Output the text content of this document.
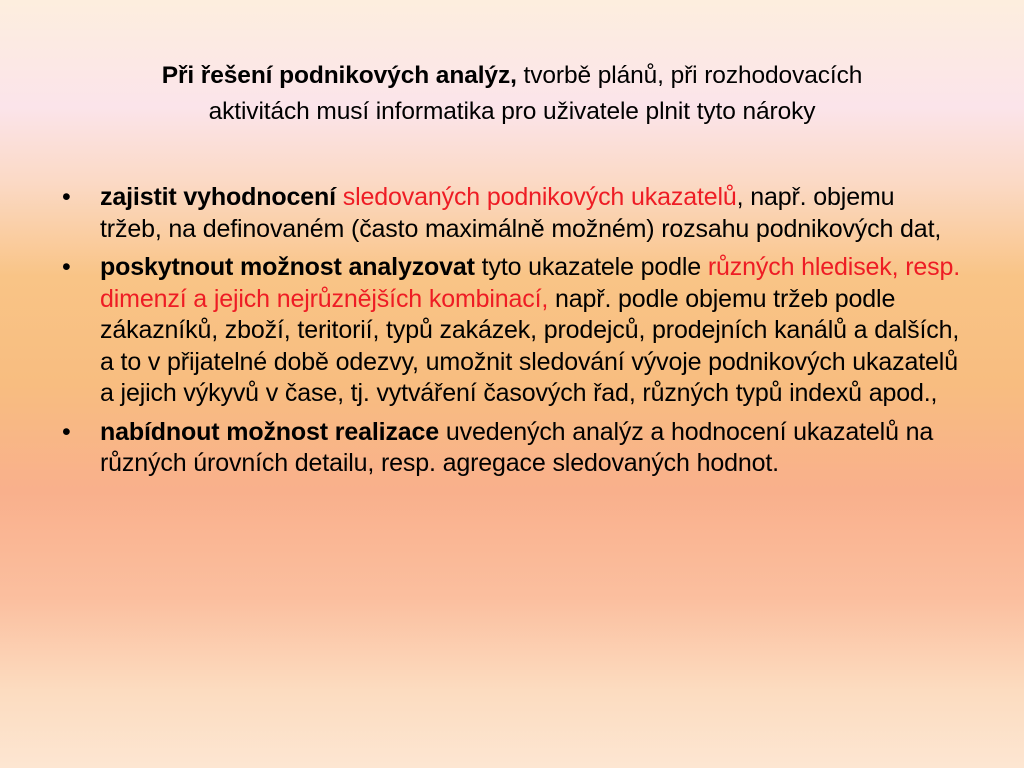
Při řešení podnikových analýz, tvorbě plánů, při rozhodovacích
aktivitách musí informatika pro uživatele plnit tyto nároky
•	zajistit vyhodnocení sledovaných podnikových ukazatelů, např. objemu tržeb, na definovaném (často maximálně možném) rozsahu podnikových dat,
•	poskytnout možnost analyzovat tyto ukazatele podle různých hledisek, resp. dimenzí a jejich nejrůznějších kombinací, např. podle objemu tržeb podle zákazníků, zboží, teritorií, typů zakázek, prodejců, prodejních kanálů a dalších, a to v přijatelné době odezvy, umožnit sledování vývoje podnikových ukazatelů a jejich výkyvů v čase, tj. vytváření časových řad, různých typů indexů apod.,
•	nabídnout možnost realizace uvedených analýz a hodnocení ukazatelů na různých úrovních detailu, resp. agregace sledovaných hodnot.
